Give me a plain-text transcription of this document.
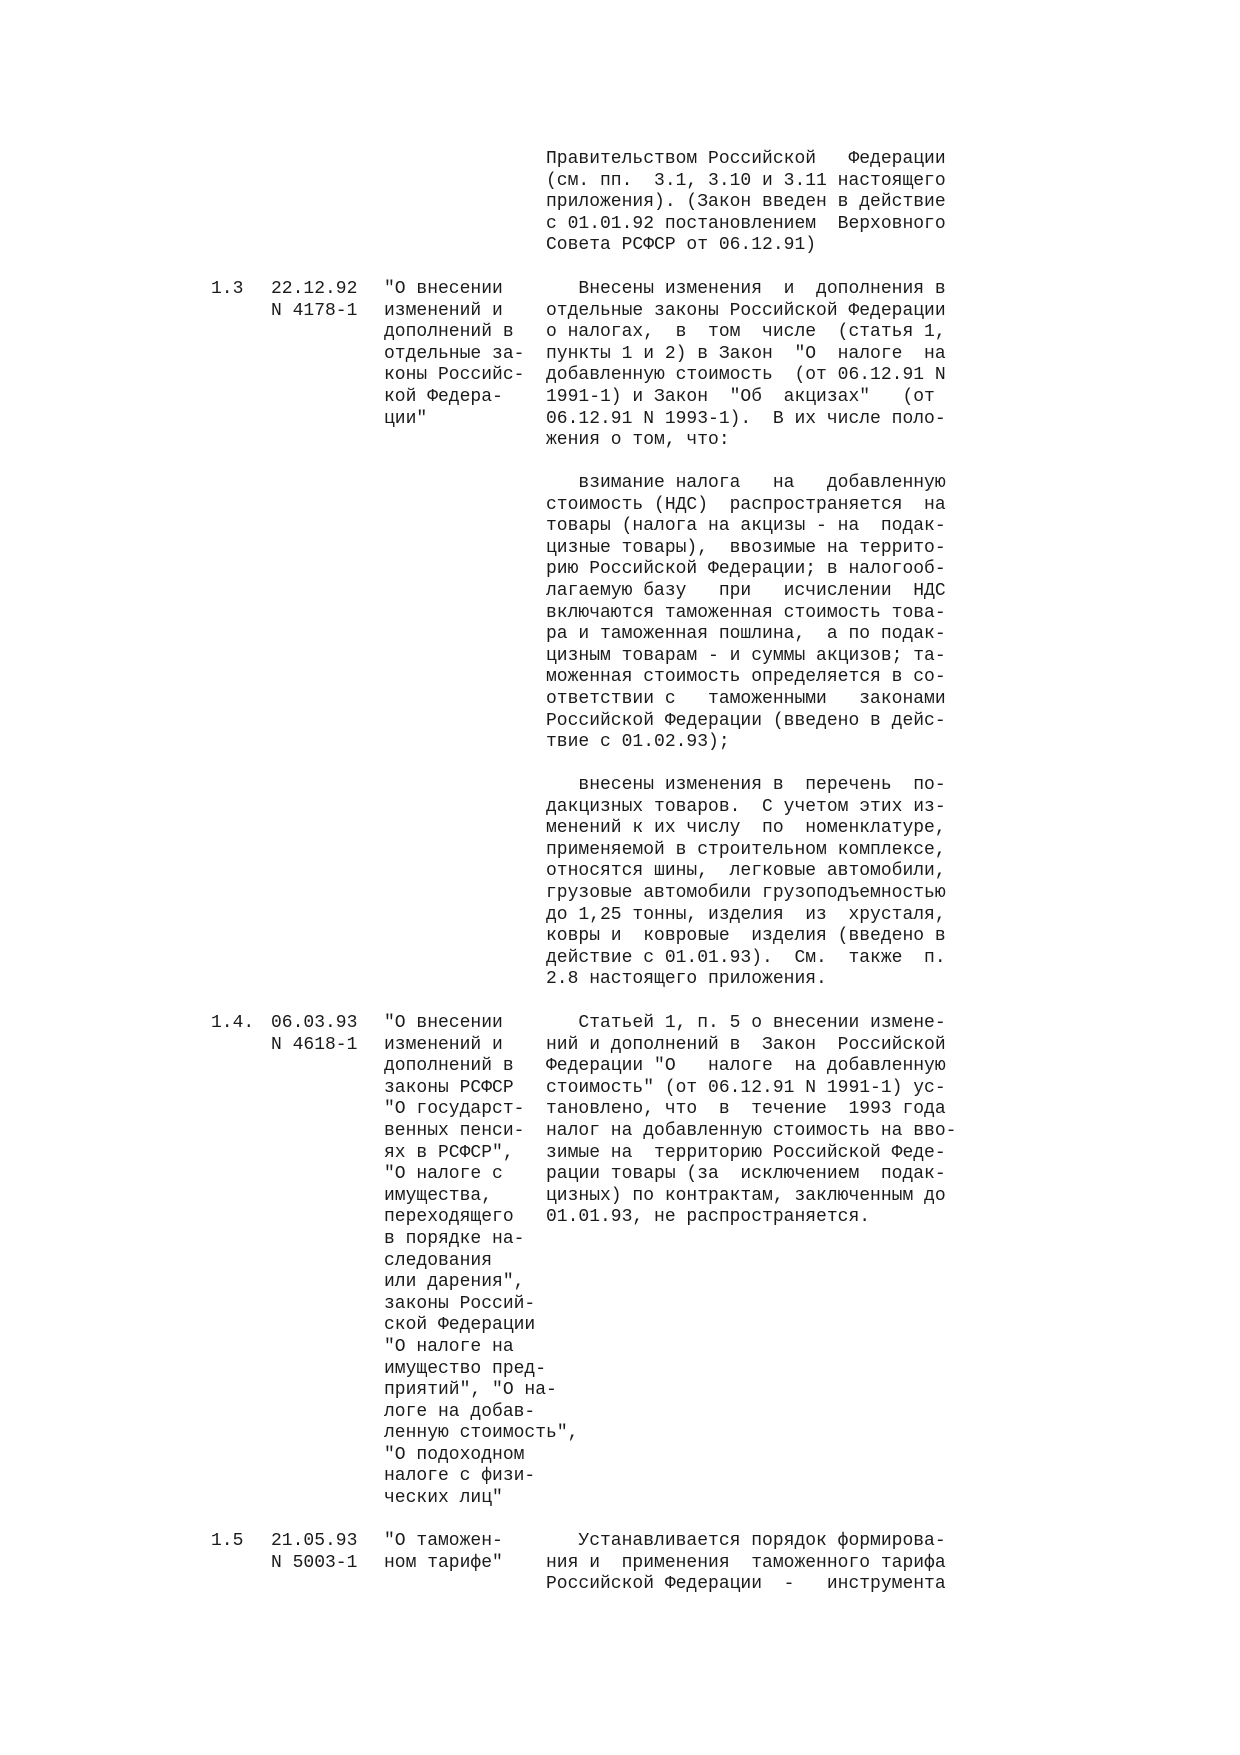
Правительством Российской   Федерации
(см. пп.  3.1, 3.10 и 3.11 настоящего
приложения). (Закон введен в действие
с 01.01.92 постановлением  Верховного
Совета РСФСР от 06.12.91)
1.3 22.12.92
N 4178-1
"О внесении
изменений и
дополнений в
отдельные за-
коны Российс-
кой Федера-
ции"
Внесены изменения  и  дополнения в
отдельные законы Российской Федерации
о налогах,  в  том  числе  (статья 1,
пункты 1 и 2) в Закон  "О  налоге  на
добавленную стоимость  (от 06.12.91 N
1991-1) и Закон  "Об  акцизах"   (от
06.12.91 N 1993-1).  В их числе поло-
жения о том, что:
взимание налога   на   добавленную
стоимость (НДС)  распространяется  на
товары (налога на акцизы - на  подак-
цизные товары),  ввозимые на террито-
рию Российской Федерации; в налогооб-
лагаемую базу   при   исчислении  НДС
включаются таможенная стоимость това-
ра и таможенная пошлина,  а по подак-
цизным товарам - и суммы акцизов; та-
моженная стоимость определяется в со-
ответствии с   таможенными   законами
Российской Федерации (введено в дейс-
твие с 01.02.93);
внесены изменения в  перечень  по-
дакцизных товаров.  С учетом этих из-
менений к их числу  по  номенклатуре,
применяемой в строительном комплексе,
относятся шины,  легковые автомобили,
грузовые автомобили грузоподъемностью
до 1,25 тонны, изделия  из  хрусталя,
ковры и  ковровые  изделия (введено в
действие с 01.01.93).  См.  также  п.
2.8 настоящего приложения.
1.4. 06.03.93
N 4618-1
"О внесении
изменений и
дополнений в
законы РСФСР
"О государст-
венных пенси-
ях в РСФСР",
"О налоге с
имущества,
переходящего
в порядке на-
следования
или дарения",
законы Россий-
ской Федерации
"О налоге на
имущество пред-
приятий", "О на-
логе на добав-
ленную стоимость",
"О подоходном
налоге с физи-
ческих лиц"
Статьей 1, п. 5 о внесении измене-
ний и дополнений в  Закон  Российской
Федерации "О   налоге  на добавленную
стоимость" (от 06.12.91 N 1991-1) ус-
тановлено, что  в  течение  1993 года
налог на добавленную стоимость на вво-
зимые на  территорию Российской Феде-
рации товары (за  исключением  подак-
цизных) по контрактам, заключенным до
01.01.93, не распространяется.
1.5 21.05.93
N 5003-1
"О таможен-
ном тарифе"
Устанавливается порядок формирова-
ния и  применения  таможенного тарифа
Российской Федерации  -   инструмента
